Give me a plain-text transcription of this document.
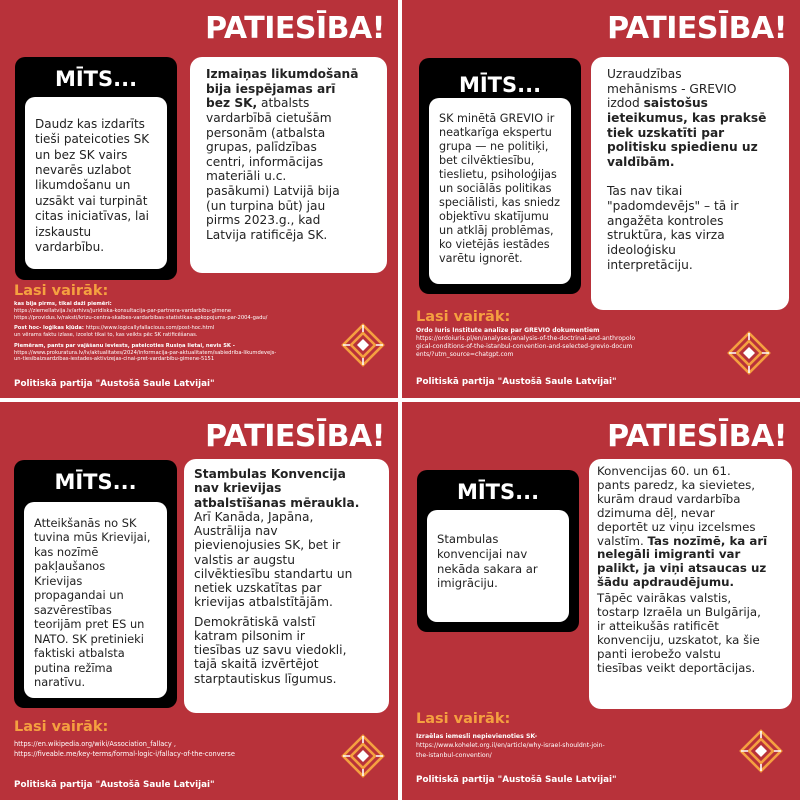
PATIESĪBA!
MĪTS...
Daudz kas izdarīts
tieši pateicoties SK
un bez SK vairs
nevarēs uzlabot
likumdošanu un
uzsākt vai turpināt
citas iniciatīvas, lai
izskaustu
vardarbību.

Izmaiņas likumdošanā
bija iespējamas arī
bez SK, atbalsts
vardarbībā cietušām
personām (atbalsta
grupas, palīdzības
centri, informācijas
materiāli u.c.
pasākumi) Latvijā bija
(un turpina būt) jau
pirms 2023.g., kad
Latvija ratificēja SK.

Lasi vairāk:
kas bija pirms, tikai daži piemēri:
https://ziemellatvija.lv/arhivs/juridiska-konsultacija-par-partnera-vardarbibu-gimene
https://providus.lv/raksti/krizu-centra-skalbes-vardarbibas-statistikas-apkopojums-par-2004-gadu/
Post hoc- loģikas kļūda: https://www.logicallyfallacious.com/post-hoc.html
un vērams faktu izlase, izcelot tikai to, kas veikts pēc SK ratificēšanas.
Piemēram, pants par vajāšanu ieviests, pateicoties Rusiņa lietai, nevis SK -
https://www.prokuratura.lv/lv/aktualitates/2024/informacija-par-aktualitatem/sabiedriba-likumdevejs-
un-tiesibaizsardzibas-iestades-aktivizejas-cinai-pret-vardarbibu-gimene-5151
Politiskā partija "Austošā Saule Latvijai"
PATIESĪBA!
MĪTS...
SK minētā GREVIO ir
neatkarīga ekspertu
grupa — ne politiķi,
bet cilvēktiesību,
tieslietu, psiholoģijas
un sociālās politikas
speciālisti, kas sniedz
objektīvu skatījumu
un atklāj problēmas,
ko vietējās iestādes
varētu ignorēt.

Uzraudzības
mehānisms - GREVIO
izdod saistošus
ieteikumus, kas praksē
tiek uzskatīti par
politisku spiedienu uz
valdībām.

Tas nav tikai
"padomdevējs" – tā ir
angažēta kontroles
struktūra, kas virza
ideoloģisku
interpretāciju.

Lasi vairāk:
Ordo Iuris Institute analīze par GREVIO dokumentiem
https://ordoiuris.pl/en/analyses/analysis-of-the-doctrinal-and-anthropolo
gical-conditions-of-the-istanbul-convention-and-selected-grevio-docum
ents/?utm_source=chatgpt.com
Politiskā partija "Austošā Saule Latvijai"
PATIESĪBA!
MĪTS...
Atteikšanās no SK
tuvina mūs Krievijai,
kas nozīmē
pakļaušanos Krievijas
propagandai un
sazvērestības
teorijām pret ES un
NATO. SK pretinieki
faktiski atbalsta
putina režīma
naratīvu.

Stambulas Konvencija
nav krievijas
atbalstīšanas mēraukla.
Arī Kanāda, Japāna,
Austrālija nav
pievienojusies SK, bet ir
valstis ar augstu
cilvēktiesību standartu un
netiek uzskatītas par
krievijas atbalstītājām.

Demokrātiskā valstī
katram pilsonim ir
tiesības uz savu viedokli,
tajā skaitā izvērtējot
starptautiskus līgumus.

Lasi vairāk:
https://en.wikipedia.org/wiki/Association_fallacy ,
https://fiveable.me/key-terms/formal-logic-i/fallacy-of-the-converse
Politiskā partija "Austošā Saule Latvijai"
PATIESĪBA!
MĪTS...
Stambulas
konvencijai nav
nekāda sakara ar
imigrāciju.

Konvencijas 60. un 61.
pants paredz, ka sievietes,
kurām draud vardarbība
dzimuma dēļ, nevar
deportēt uz viņu izcelsmes
valstīm. Tas nozīmē, ka arī
nelegāli imigranti var
palikt, ja viņi atsaucas uz
šādu apdraudējumu.

Tāpēc vairākas valstis,
tostarp Izraēla un Bulgārija,
ir atteikušās ratificēt
konvenciju, uzskatot, ka šie
panti ierobežo valstu
tiesības veikt deportācijas.

Lasi vairāk:
Izraēlas iemesli nepievienoties SK-
https://www.kohelet.org.il/en/article/why-israel-shouldnt-join-
the-istanbul-convention/
Politiskā partija "Austošā Saule Latvijai"
